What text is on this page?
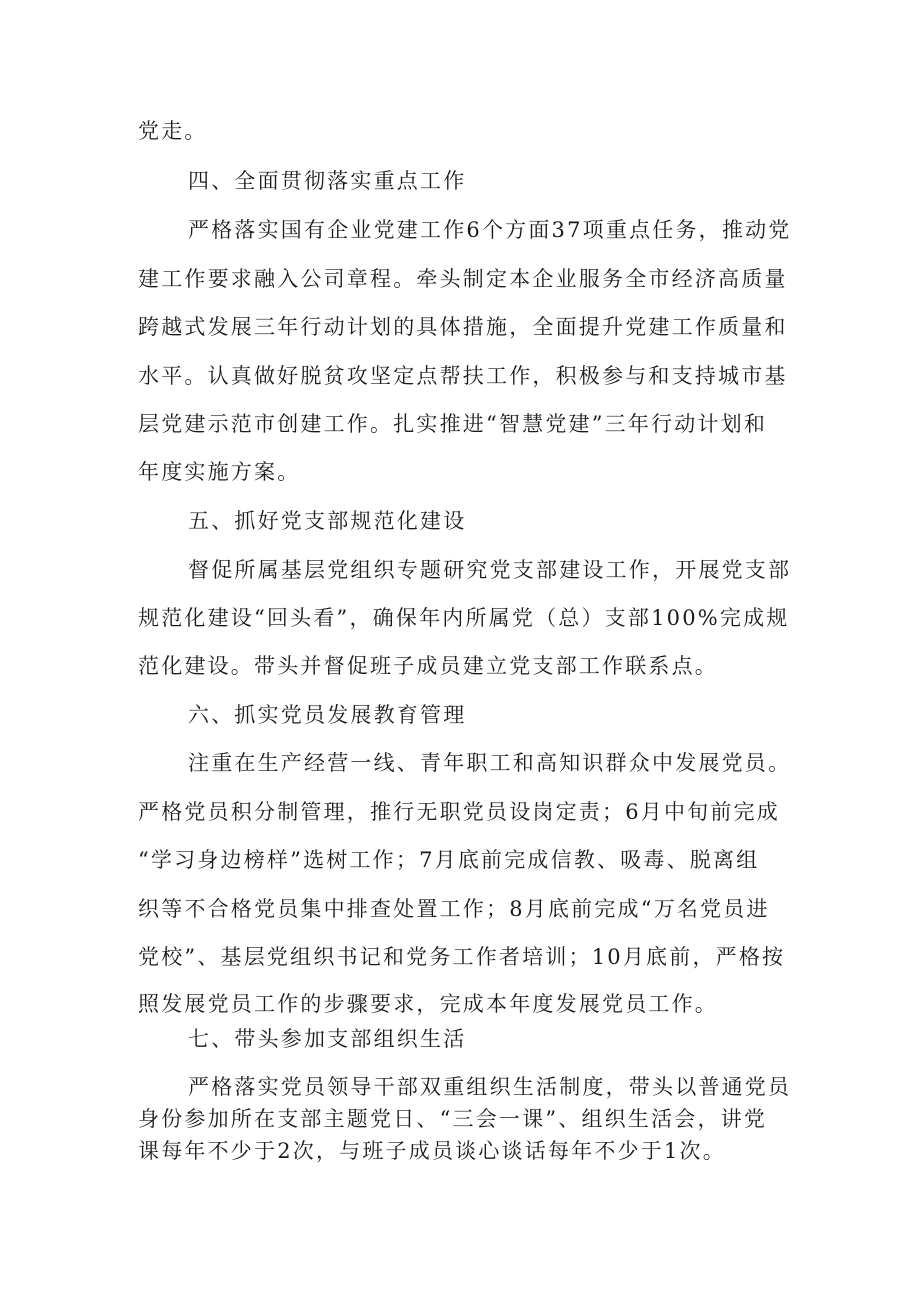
党走。
四、全面贯彻落实重点工作
严格落实国有企业党建工作6个方面37项重点任务，推动党
建工作要求融入公司章程。牵头制定本企业服务全市经济高质量
跨越式发展三年行动计划的具体措施，全面提升党建工作质量和
水平。认真做好脱贫攻坚定点帮扶工作，积极参与和支持城市基
层党建示范市创建工作。扎实推进“智慧党建”三年行动计划和
年度实施方案。
五、抓好党支部规范化建设
督促所属基层党组织专题研究党支部建设工作，开展党支部
规范化建设“回头看”，确保年内所属党（总）支部100%完成规
范化建设。带头并督促班子成员建立党支部工作联系点。
六、抓实党员发展教育管理
注重在生产经营一线、青年职工和高知识群众中发展党员。
严格党员积分制管理，推行无职党员设岗定责；6月中旬前完成
“学习身边榜样”选树工作；7月底前完成信教、吸毒、脱离组
织等不合格党员集中排查处置工作；8月底前完成“万名党员进
党校”、基层党组织书记和党务工作者培训；10月底前，严格按
照发展党员工作的步骤要求，完成本年度发展党员工作。
七、带头参加支部组织生活
严格落实党员领导干部双重组织生活制度，带头以普通党员
身份参加所在支部主题党日、“三会一课”、组织生活会，讲党
课每年不少于2次，与班子成员谈心谈话每年不少于1次。
